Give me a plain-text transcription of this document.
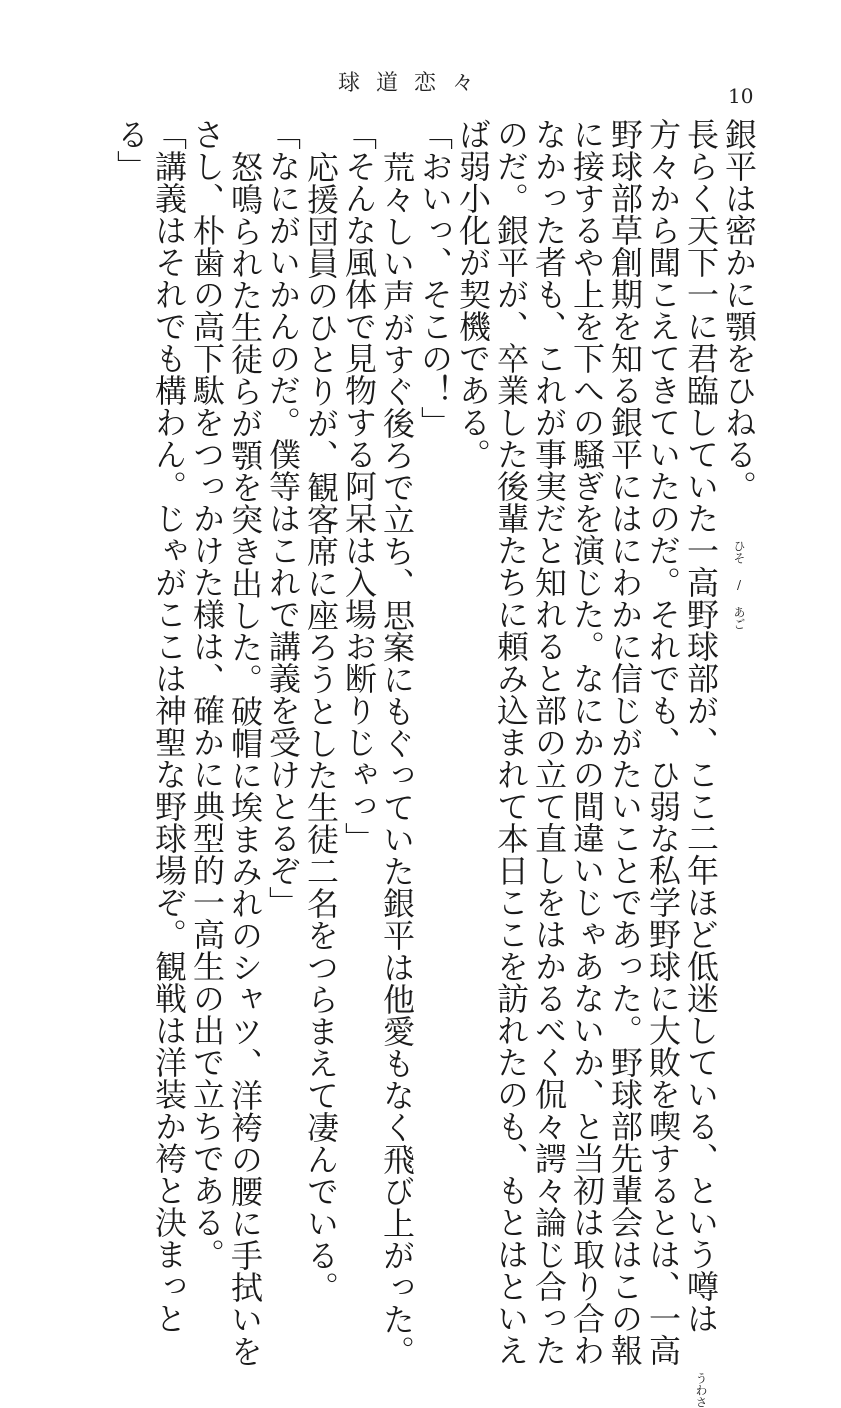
球道恋々	10
銀平は密かに顎をひねる。 ひそ / あご
長らく天下一に君臨していた一高野球部が、ここ二年ほど低迷している、という噂は うわさ
方々から聞こえてきていたのだ。それでも、ひ弱な私学野球に大敗を喫するとは、一高
野球部草創期を知る銀平にはにわかに信じがたいことであった。野球部先輩会はこの報
に接するや上を下への騒ぎを演じた。なにかの間違いじゃあないか、と当初は取り合わ
なかった者も、これが事実だと知れると部の立て直しをはかるべく侃々諤々論じ合った
のだ。銀平が、卒業した後輩たちに頼み込まれて本日ここを訪れたのも、もとはといえ
ば弱小化が契機である。
「おいっ、そこの！」
荒々しい声がすぐ後ろで立ち、思案にもぐっていた銀平は他愛もなく飛び上がった。
「そんな風体で見物する阿呆は入場お断りじゃっ」
応援団員のひとりが、観客席に座ろうとした生徒二名をつらまえて凄んでいる。
「なにがいかんのだ。僕等はこれで講義を受けとるぞ」
怒鳴られた生徒らが顎を突き出した。破帽に埃まみれのシャツ、洋袴の腰に手拭いを
さし、朴歯の高下駄をつっかけた様は、確かに典型的一高生の出で立ちである。
「講義はそれでも構わん。じゃがここは神聖な野球場ぞ。観戦は洋装か袴と決まっと
る」
